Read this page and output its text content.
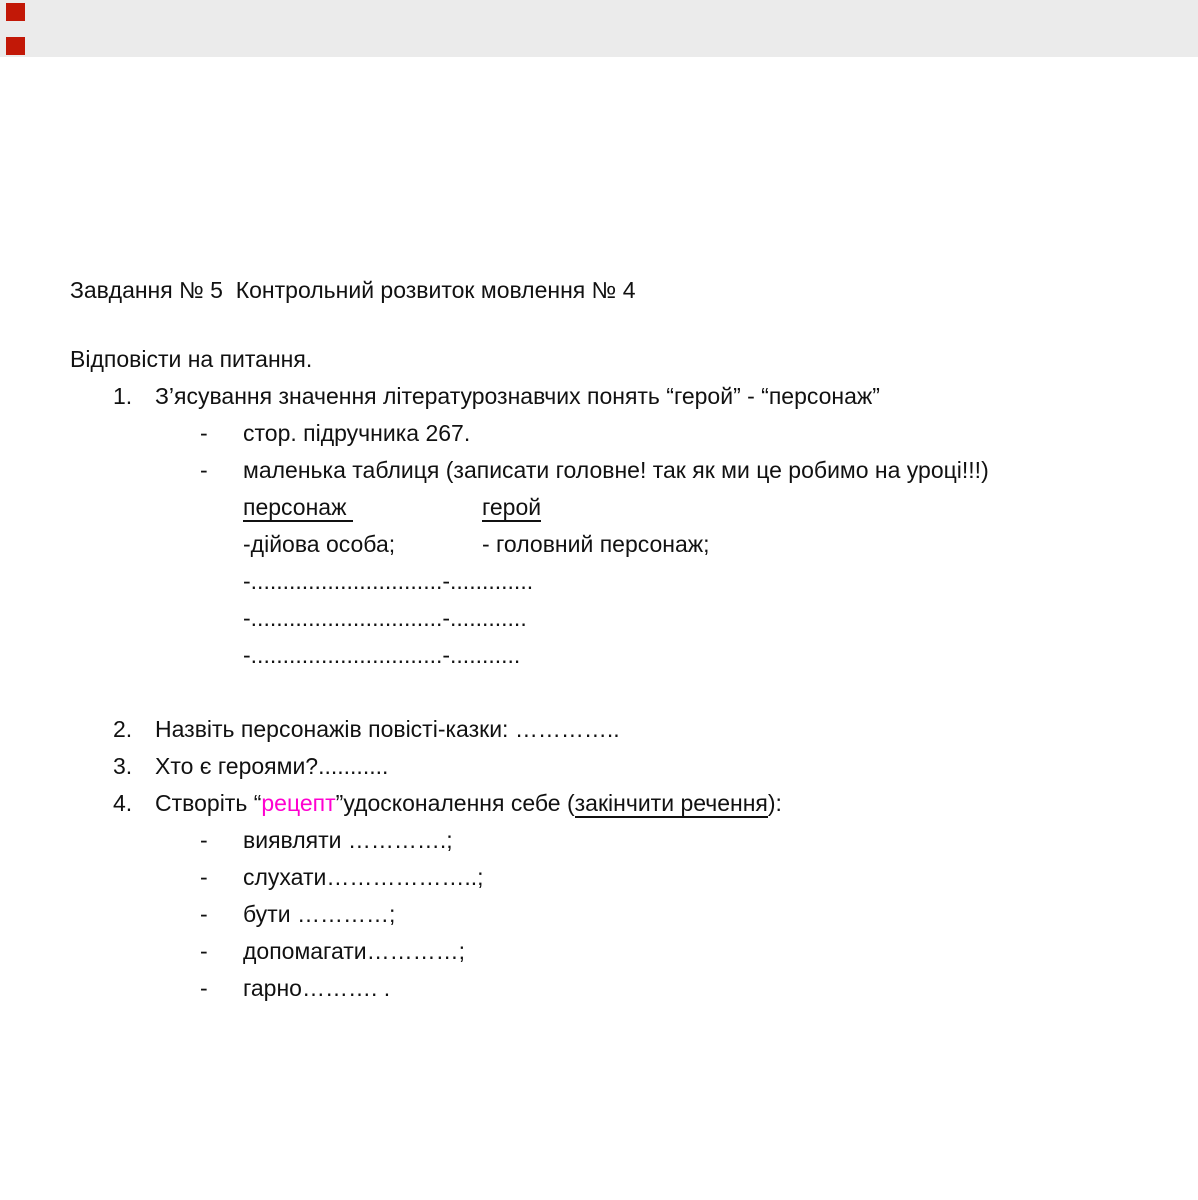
Завдання № 5  Контрольний розвиток мовлення № 4
Відповісти на питання.
1. З’ясування значення літературознавчих понять “герой” - “персонаж”
-	стор. підручника 267.
-	маленька таблиця (записати головне! так як ми це робимо на уроці!!!)
персонаж	герой
-дійова особа;	- головний персонаж;
-..............................-.............
-..............................-............
-..............................-...........
2. Назвіть персонажів повісті-казки: …………..
3. Хто є героями?...........
4. Створіть “рецепт”удосконалення себе (закінчити речення):
-	виявляти ………….;
-	слухати………………..;
-	бути …………;
-	допомагати…………;
-	гарно………. .
